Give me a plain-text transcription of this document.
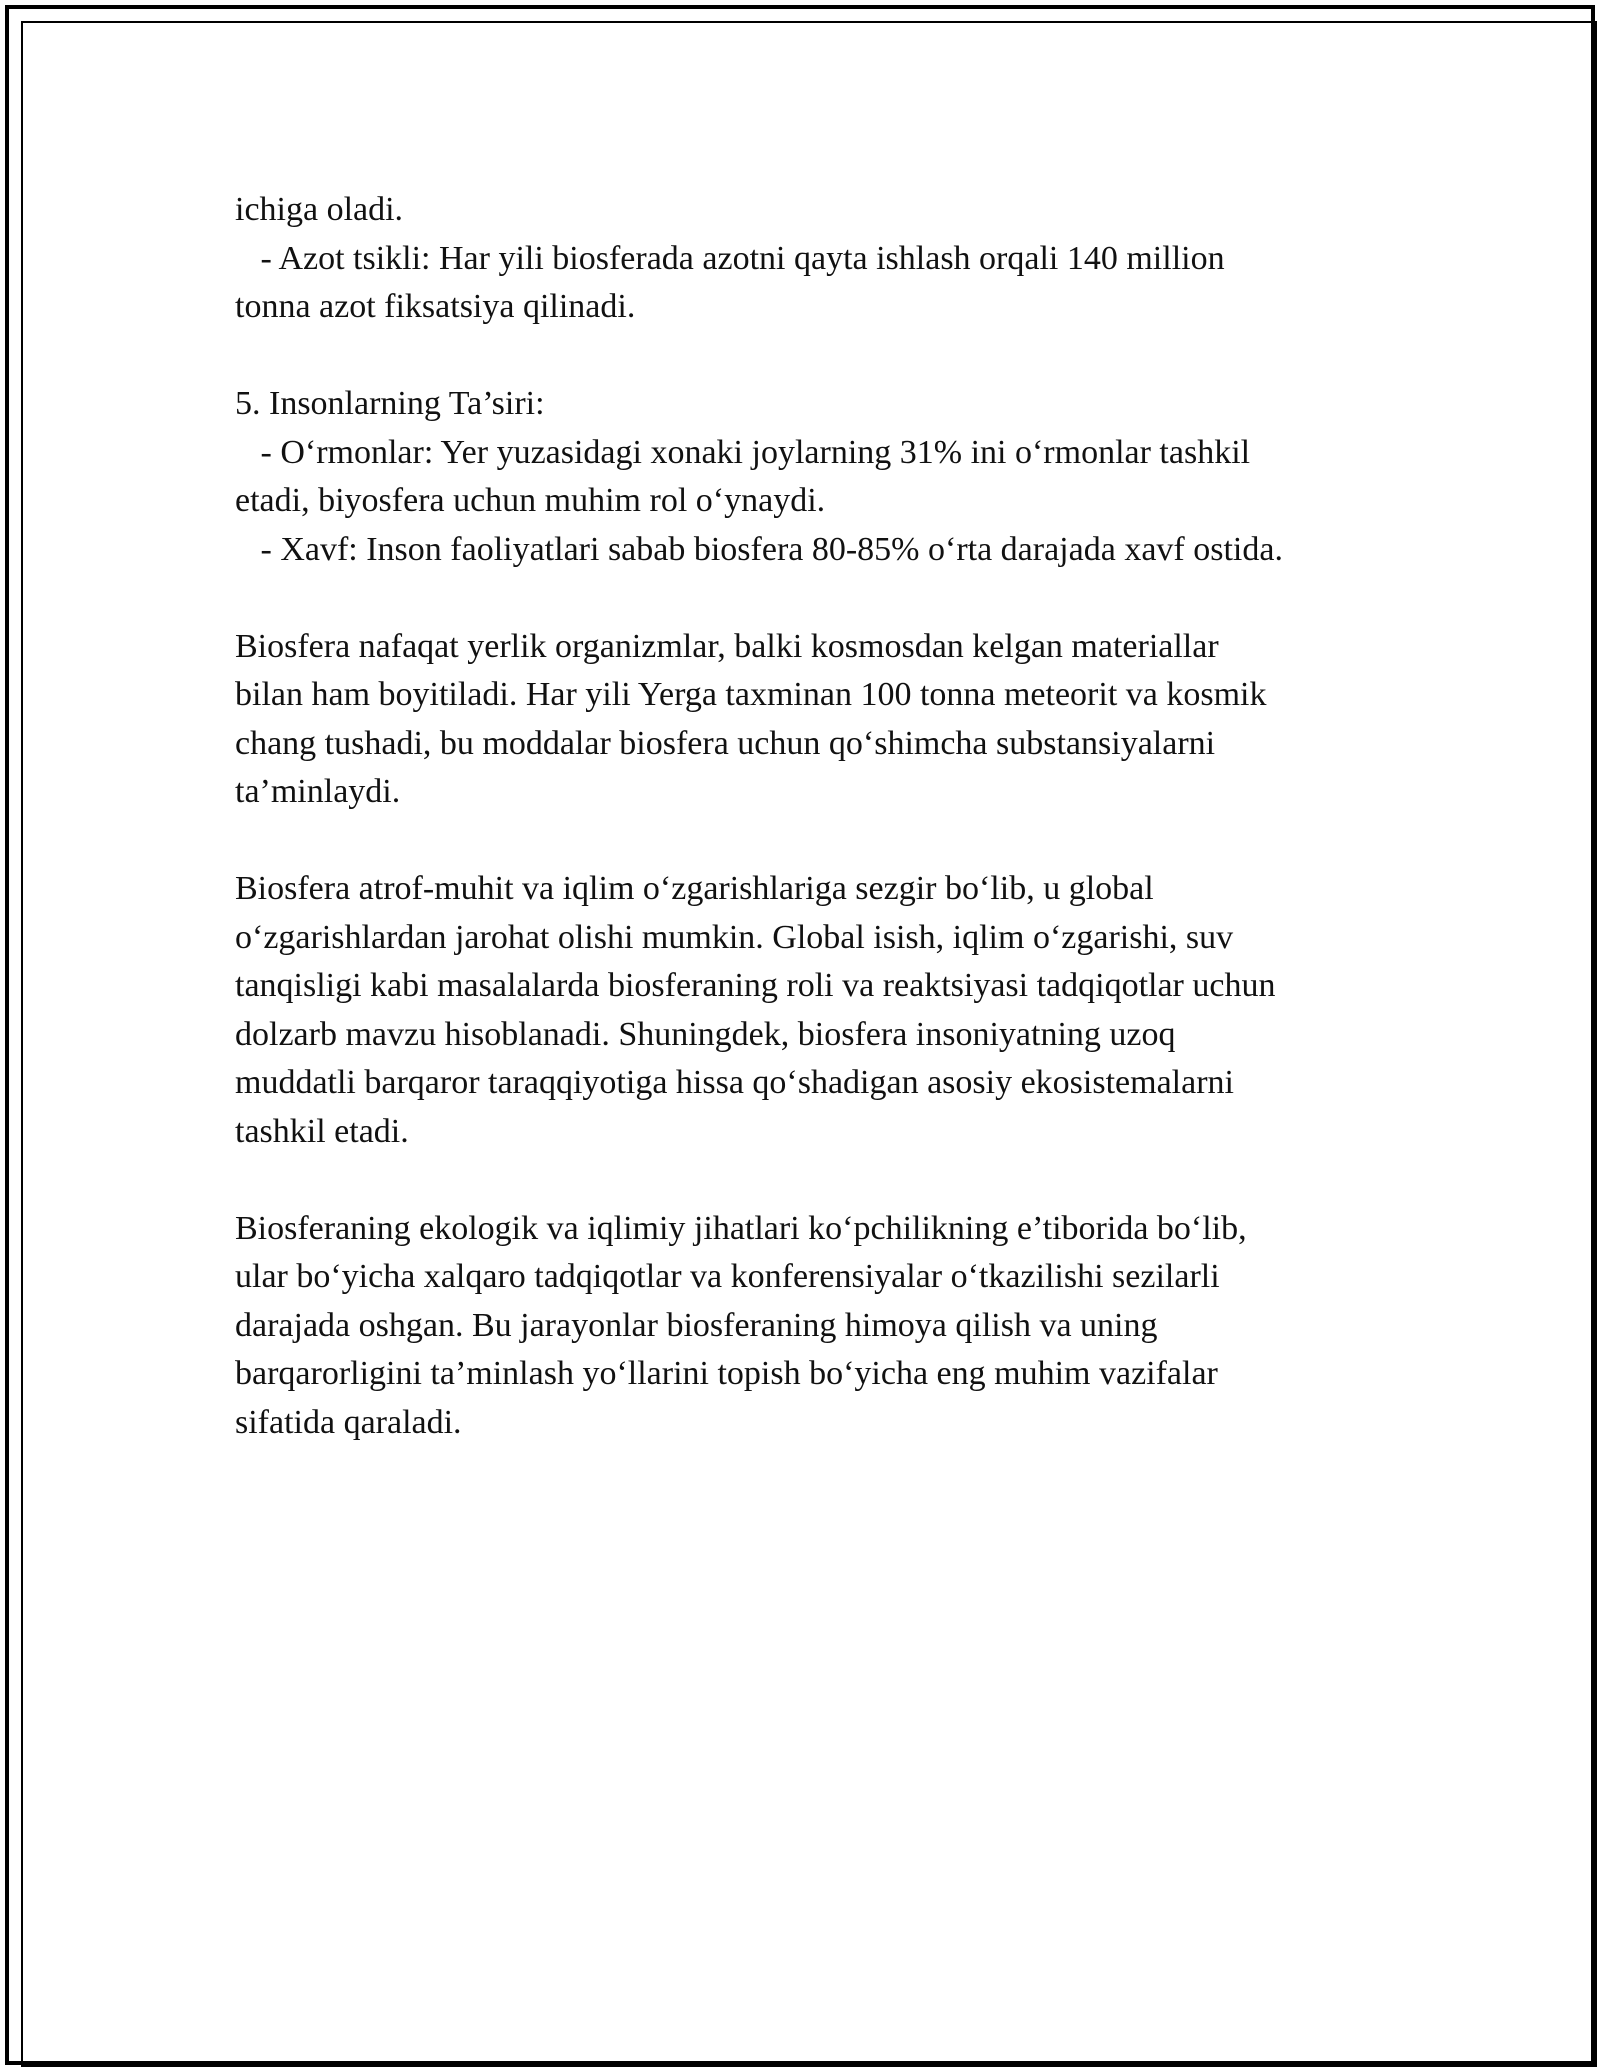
ichiga oladi.
- Azot tsikli: Har yili biosferada azotni qayta ishlash orqali 140 million
tonna azot fiksatsiya qilinadi.
5. Insonlarning Ta’siri:
- O‘rmonlar: Yer yuzasidagi xonaki joylarning 31% ini o‘rmonlar tashkil
etadi, biyosfera uchun muhim rol o‘ynaydi.
- Xavf: Inson faoliyatlari sabab biosfera 80-85% o‘rta darajada xavf ostida.
Biosfera nafaqat yerlik organizmlar, balki kosmosdan kelgan materiallar
bilan ham boyitiladi. Har yili Yerga taxminan 100 tonna meteorit va kosmik
chang tushadi, bu moddalar biosfera uchun qo‘shimcha substansiyalarni
ta’minlaydi.
Biosfera atrof-muhit va iqlim o‘zgarishlariga sezgir bo‘lib, u global
o‘zgarishlardan jarohat olishi mumkin. Global isish, iqlim o‘zgarishi, suv
tanqisligi kabi masalalarda biosferaning roli va reaktsiyasi tadqiqotlar uchun
dolzarb mavzu hisoblanadi. Shuningdek, biosfera insoniyatning uzoq
muddatli barqaror taraqqiyotiga hissa qo‘shadigan asosiy ekosistemalarni
tashkil etadi.
Biosferaning ekologik va iqlimiy jihatlari ko‘pchilikning e’tiborida bo‘lib,
ular bo‘yicha xalqaro tadqiqotlar va konferensiyalar o‘tkazilishi sezilarli
darajada oshgan. Bu jarayonlar biosferaning himoya qilish va uning
barqarorligini ta’minlash yo‘llarini topish bo‘yicha eng muhim vazifalar
sifatida qaraladi.
